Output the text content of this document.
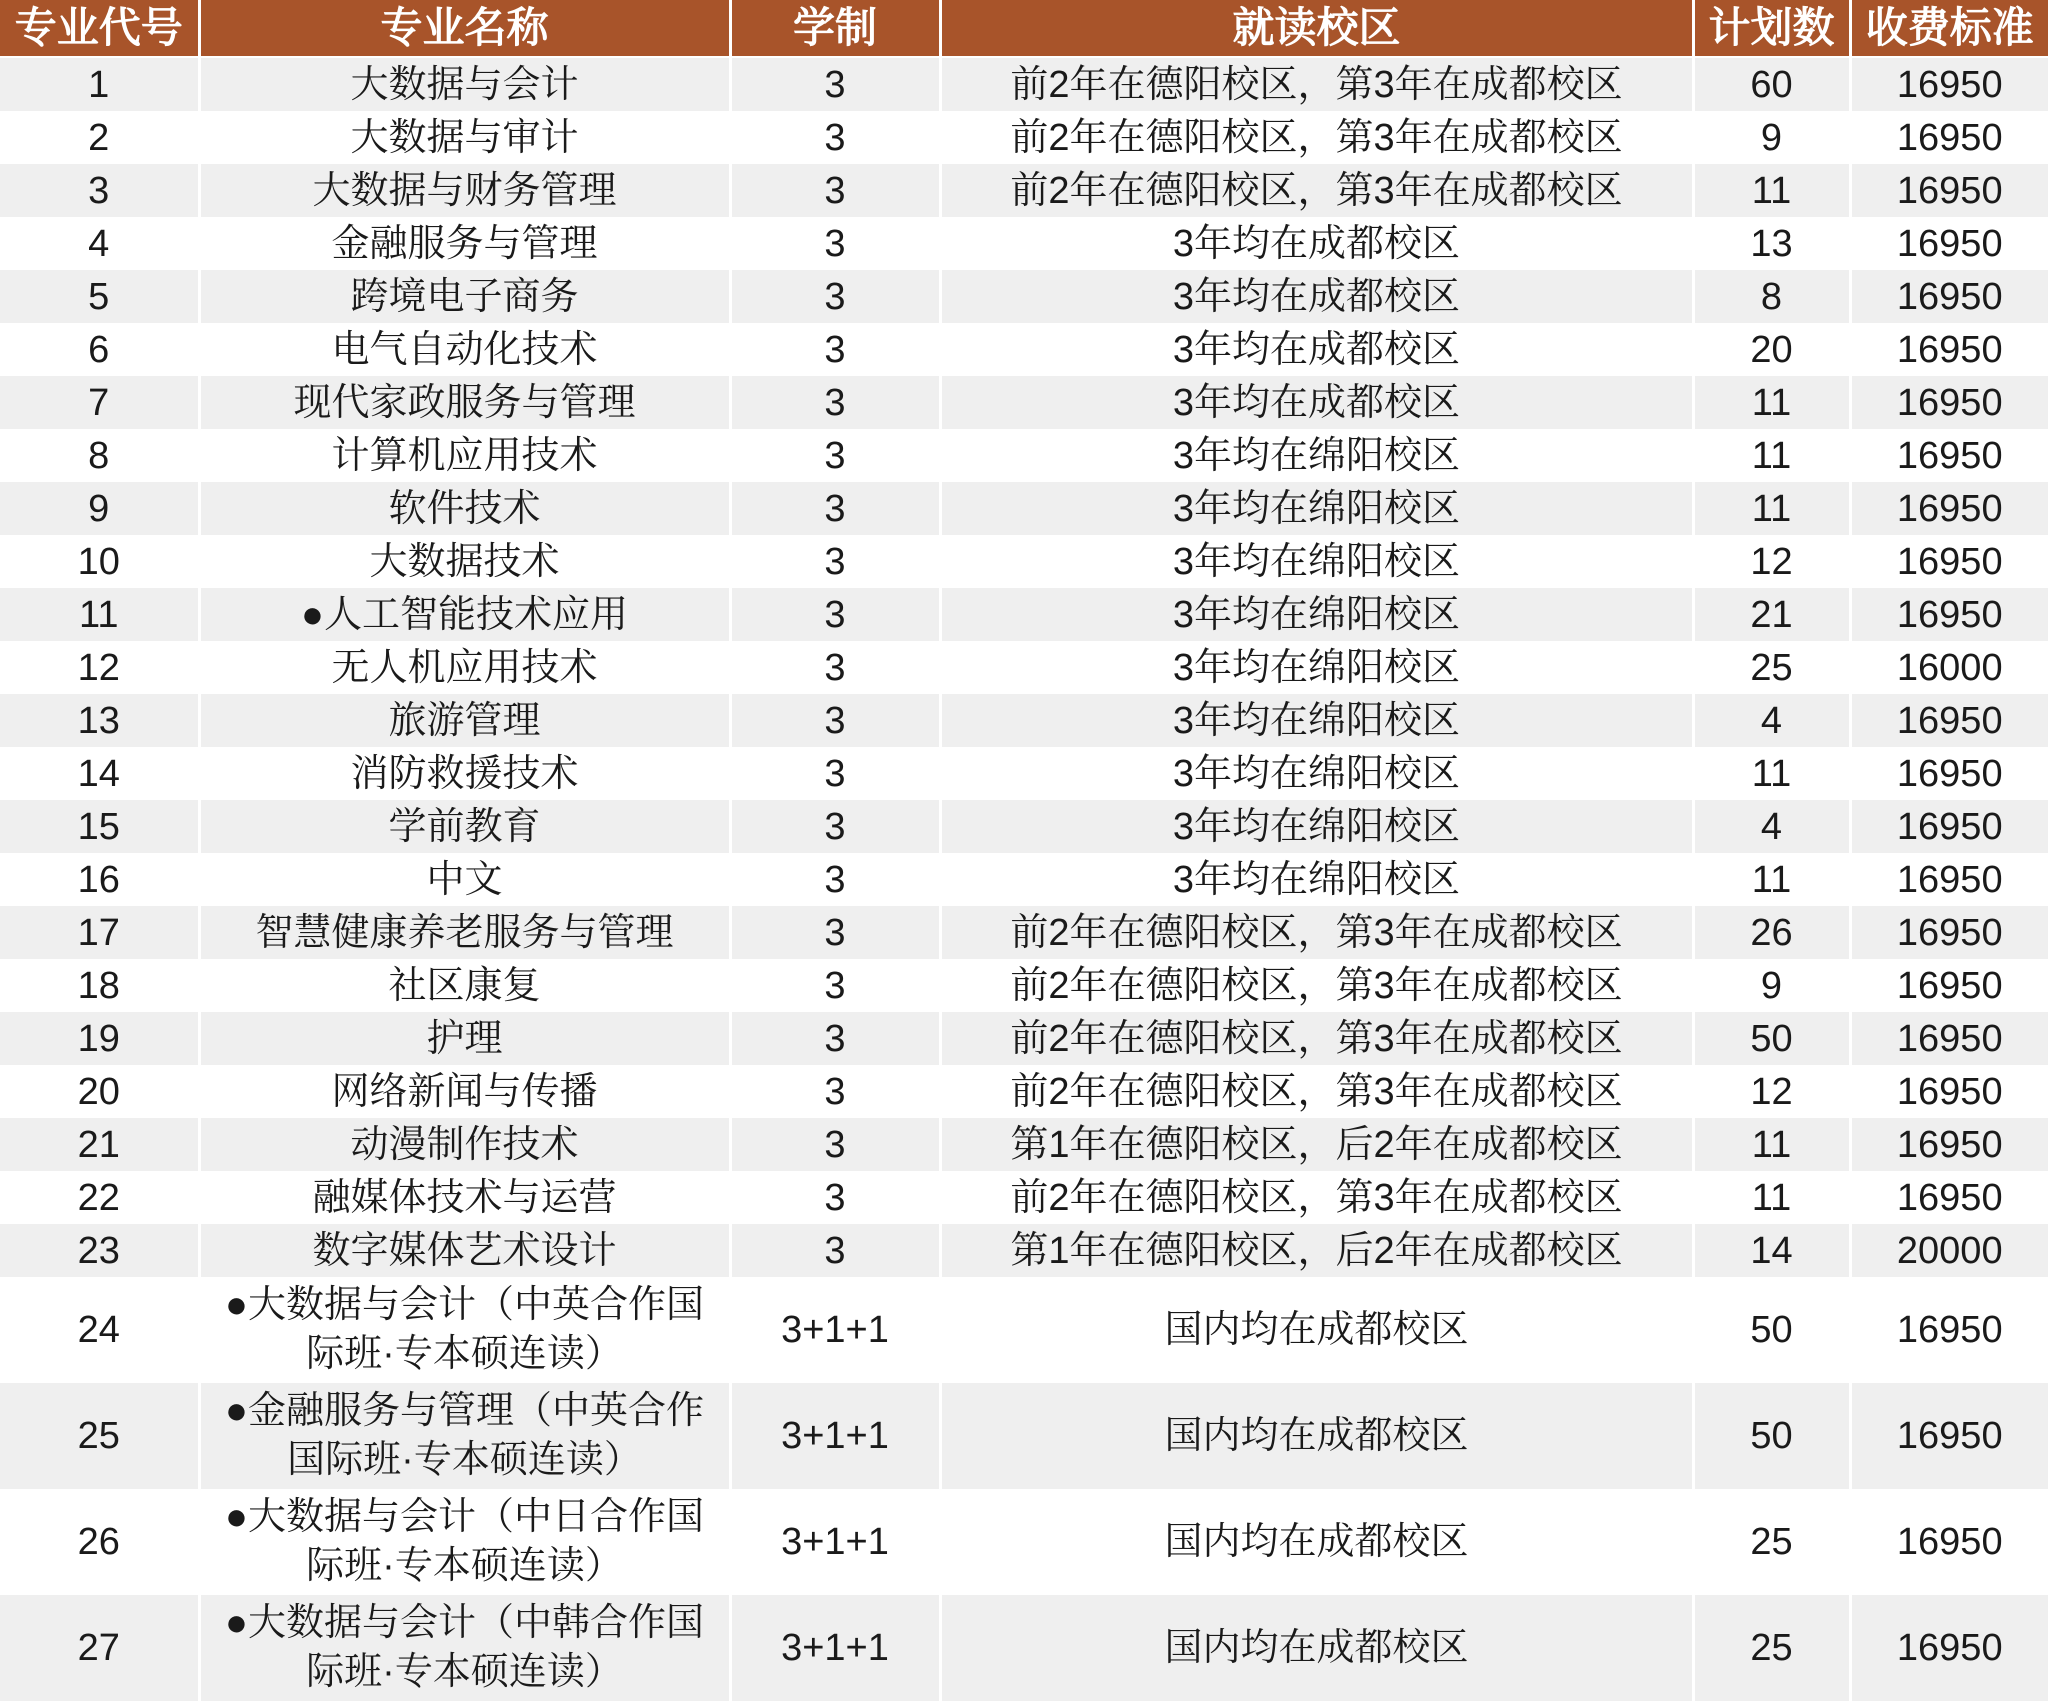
专业代号	专业名称	学制	就读校区	计划数	收费标准
1	大数据与会计	3	前2年在德阳校区，第3年在成都校区	60	16950
2	大数据与审计	3	前2年在德阳校区，第3年在成都校区	9	16950
3	大数据与财务管理	3	前2年在德阳校区，第3年在成都校区	11	16950
4	金融服务与管理	3	3年均在成都校区	13	16950
5	跨境电子商务	3	3年均在成都校区	8	16950
6	电气自动化技术	3	3年均在成都校区	20	16950
7	现代家政服务与管理	3	3年均在成都校区	11	16950
8	计算机应用技术	3	3年均在绵阳校区	11	16950
9	软件技术	3	3年均在绵阳校区	11	16950
10	大数据技术	3	3年均在绵阳校区	12	16950
11	●人工智能技术应用	3	3年均在绵阳校区	21	16950
12	无人机应用技术	3	3年均在绵阳校区	25	16000
13	旅游管理	3	3年均在绵阳校区	4	16950
14	消防救援技术	3	3年均在绵阳校区	11	16950
15	学前教育	3	3年均在绵阳校区	4	16950
16	中文	3	3年均在绵阳校区	11	16950
17	智慧健康养老服务与管理	3	前2年在德阳校区，第3年在成都校区	26	16950
18	社区康复	3	前2年在德阳校区，第3年在成都校区	9	16950
19	护理	3	前2年在德阳校区，第3年在成都校区	50	16950
20	网络新闻与传播	3	前2年在德阳校区，第3年在成都校区	12	16950
21	动漫制作技术	3	第1年在德阳校区，后2年在成都校区	11	16950
22	融媒体技术与运营	3	前2年在德阳校区，第3年在成都校区	11	16950
23	数字媒体艺术设计	3	第1年在德阳校区，后2年在成都校区	14	20000
24	●大数据与会计（中英合作国际班·专本硕连读）	3+1+1	国内均在成都校区	50	16950
25	●金融服务与管理（中英合作国际班·专本硕连读）	3+1+1	国内均在成都校区	50	16950
26	●大数据与会计（中日合作国际班·专本硕连读）	3+1+1	国内均在成都校区	25	16950
27	●大数据与会计（中韩合作国际班·专本硕连读）	3+1+1	国内均在成都校区	25	16950
